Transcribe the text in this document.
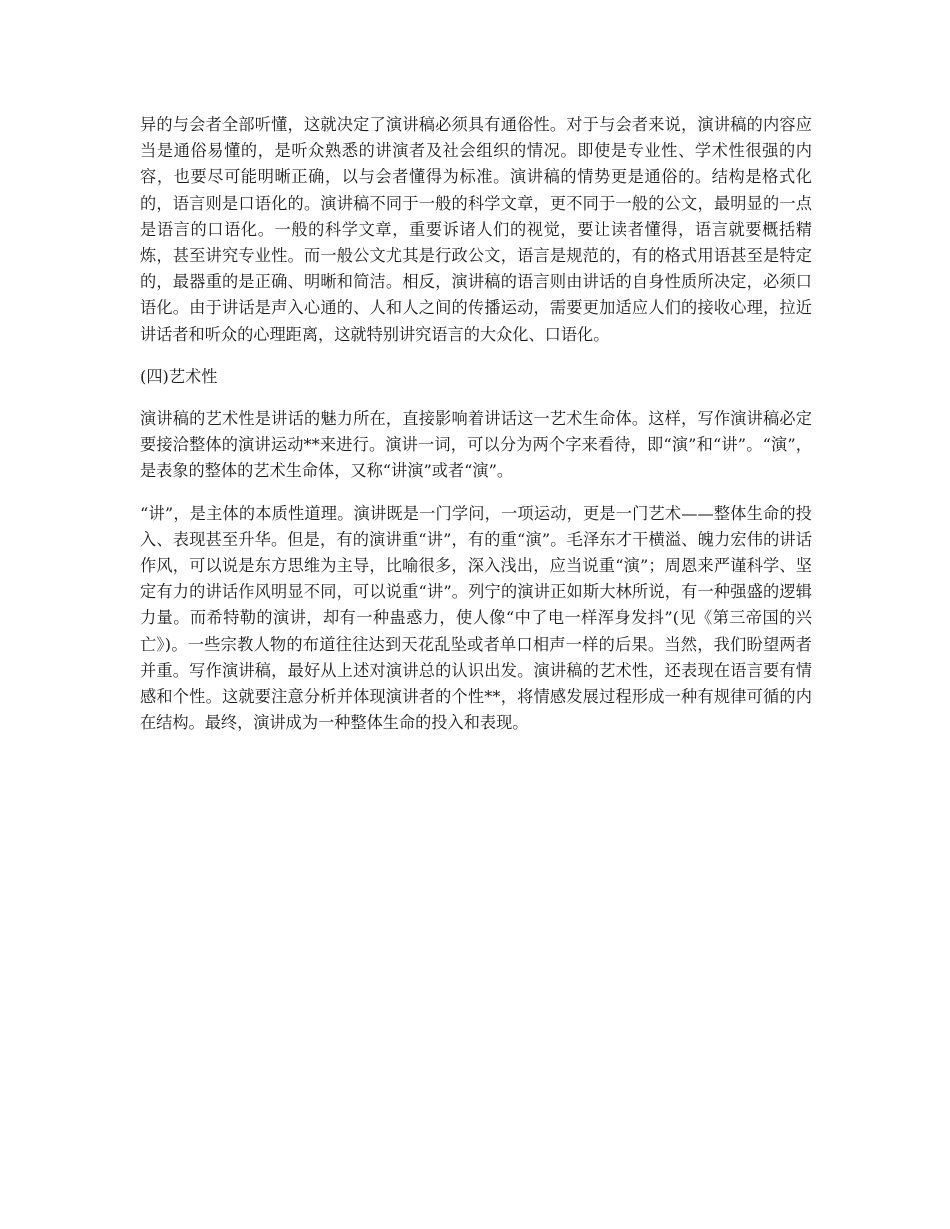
异的与会者全部听懂，这就决定了演讲稿必须具有通俗性。对于与会者来说，演讲稿的内容应当是通俗易懂的，是听众熟悉的讲演者及社会组织的情况。即使是专业性、学术性很强的内容，也要尽可能明晰正确，以与会者懂得为标准。演讲稿的情势更是通俗的。结构是格式化的，语言则是口语化的。演讲稿不同于一般的科学文章，更不同于一般的公文，最明显的一点是语言的口语化。一般的科学文章，重要诉诸人们的视觉，要让读者懂得，语言就要概括精炼，甚至讲究专业性。而一般公文尤其是行政公文，语言是规范的，有的格式用语甚至是特定的，最器重的是正确、明晰和简洁。相反，演讲稿的语言则由讲话的自身性质所决定，必须口语化。由于讲话是声入心通的、人和人之间的传播运动，需要更加适应人们的接收心理，拉近讲话者和听众的心理距离，这就特别讲究语言的大众化、口语化。

(四)艺术性

演讲稿的艺术性是讲话的魅力所在，直接影响着讲话这一艺术生命体。这样，写作演讲稿必定要接洽整体的演讲运动**来进行。演讲一词，可以分为两个字来看待，即“演”和“讲”。“演”，是表象的整体的艺术生命体，又称“讲演”或者“演”。

“讲”，是主体的本质性道理。演讲既是一门学问，一项运动，更是一门艺术——整体生命的投入、表现甚至升华。但是，有的演讲重“讲”，有的重“演”。毛泽东才干横溢、魄力宏伟的讲话作风，可以说是东方思维为主导，比喻很多，深入浅出，应当说重“演”；周恩来严谨科学、坚定有力的讲话作风明显不同，可以说重“讲”。列宁的演讲正如斯大林所说，有一种强盛的逻辑力量。而希特勒的演讲，却有一种蛊惑力，使人像“中了电一样浑身发抖”(见《第三帝国的兴亡》)。一些宗教人物的布道往往达到天花乱坠或者单口相声一样的后果。当然，我们盼望两者并重。写作演讲稿，最好从上述对演讲总的认识出发。演讲稿的艺术性，还表现在语言要有情感和个性。这就要注意分析并体现演讲者的个性**，将情感发展过程形成一种有规律可循的内在结构。最终，演讲成为一种整体生命的投入和表现。
